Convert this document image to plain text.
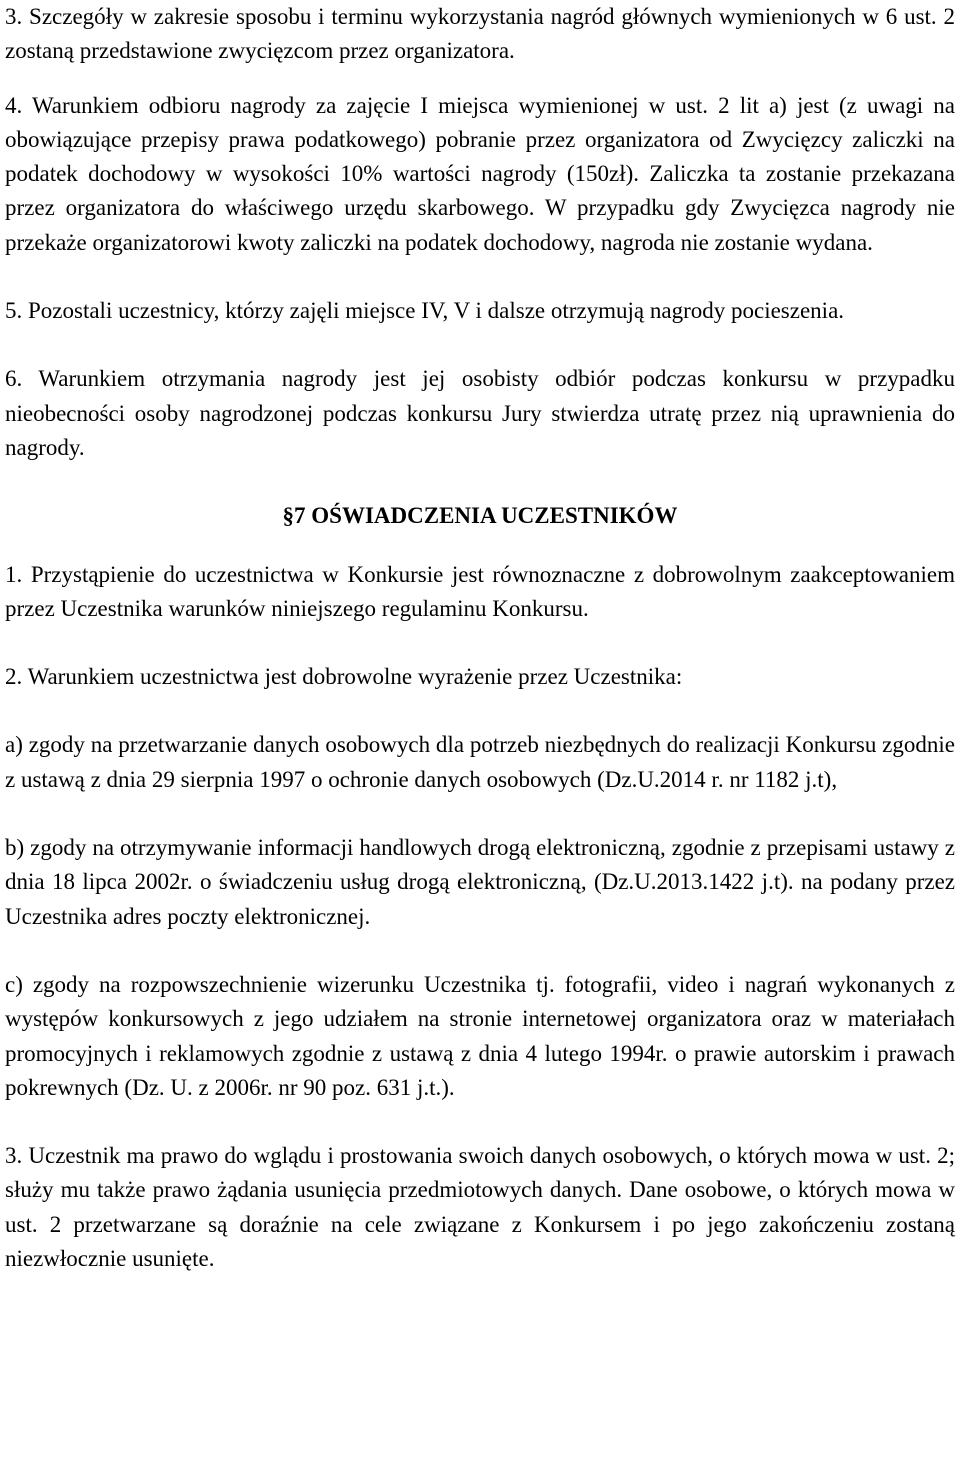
3. Szczegóły w zakresie sposobu i terminu wykorzystania nagród głównych wymienionych w 6 ust. 2 zostaną przedstawione zwycięzcom przez organizatora.

4. Warunkiem odbioru nagrody za zajęcie I miejsca wymienionej w ust. 2 lit a) jest (z uwagi na obowiązujące przepisy prawa podatkowego) pobranie przez organizatora od Zwycięzcy zaliczki na podatek dochodowy w wysokości 10% wartości nagrody (150zł). Zaliczka ta zostanie przekazana przez organizatora do właściwego urzędu skarbowego. W przypadku gdy Zwycięzca nagrody nie przekaże organizatorowi kwoty zaliczki na podatek dochodowy, nagroda nie zostanie wydana.

5. Pozostali uczestnicy, którzy zajęli miejsce IV, V i dalsze otrzymują nagrody pocieszenia.

6. Warunkiem otrzymania nagrody jest jej osobisty odbiór podczas konkursu w przypadku nieobecności osoby nagrodzonej podczas konkursu Jury stwierdza utratę przez nią uprawnienia do nagrody.

§7 OŚWIADCZENIA UCZESTNIKÓW

1. Przystąpienie do uczestnictwa w Konkursie jest równoznaczne z dobrowolnym zaakceptowaniem przez Uczestnika warunków niniejszego regulaminu Konkursu.

2. Warunkiem uczestnictwa jest dobrowolne wyrażenie przez Uczestnika:

a) zgody na przetwarzanie danych osobowych dla potrzeb niezbędnych do realizacji Konkursu zgodnie z ustawą z dnia 29 sierpnia 1997 o ochronie danych osobowych (Dz.U.2014 r. nr 1182 j.t),

b) zgody na otrzymywanie informacji handlowych drogą elektroniczną, zgodnie z przepisami ustawy z dnia 18 lipca 2002r. o świadczeniu usług drogą elektroniczną, (Dz.U.2013.1422 j.t). na podany przez Uczestnika adres poczty elektronicznej.

c) zgody na rozpowszechnienie wizerunku Uczestnika tj. fotografii, video i nagrań wykonanych z występów konkursowych z jego udziałem na stronie internetowej organizatora oraz w materiałach promocyjnych i reklamowych zgodnie z ustawą z dnia 4 lutego 1994r. o prawie autorskim i prawach pokrewnych (Dz. U. z 2006r. nr 90 poz. 631 j.t.).

3. Uczestnik ma prawo do wglądu i prostowania swoich danych osobowych, o których mowa w ust. 2; służy mu także prawo żądania usunięcia przedmiotowych danych. Dane osobowe, o których mowa w ust. 2 przetwarzane są doraźnie na cele związane z Konkursem i po jego zakończeniu zostaną niezwłocznie usunięte.
